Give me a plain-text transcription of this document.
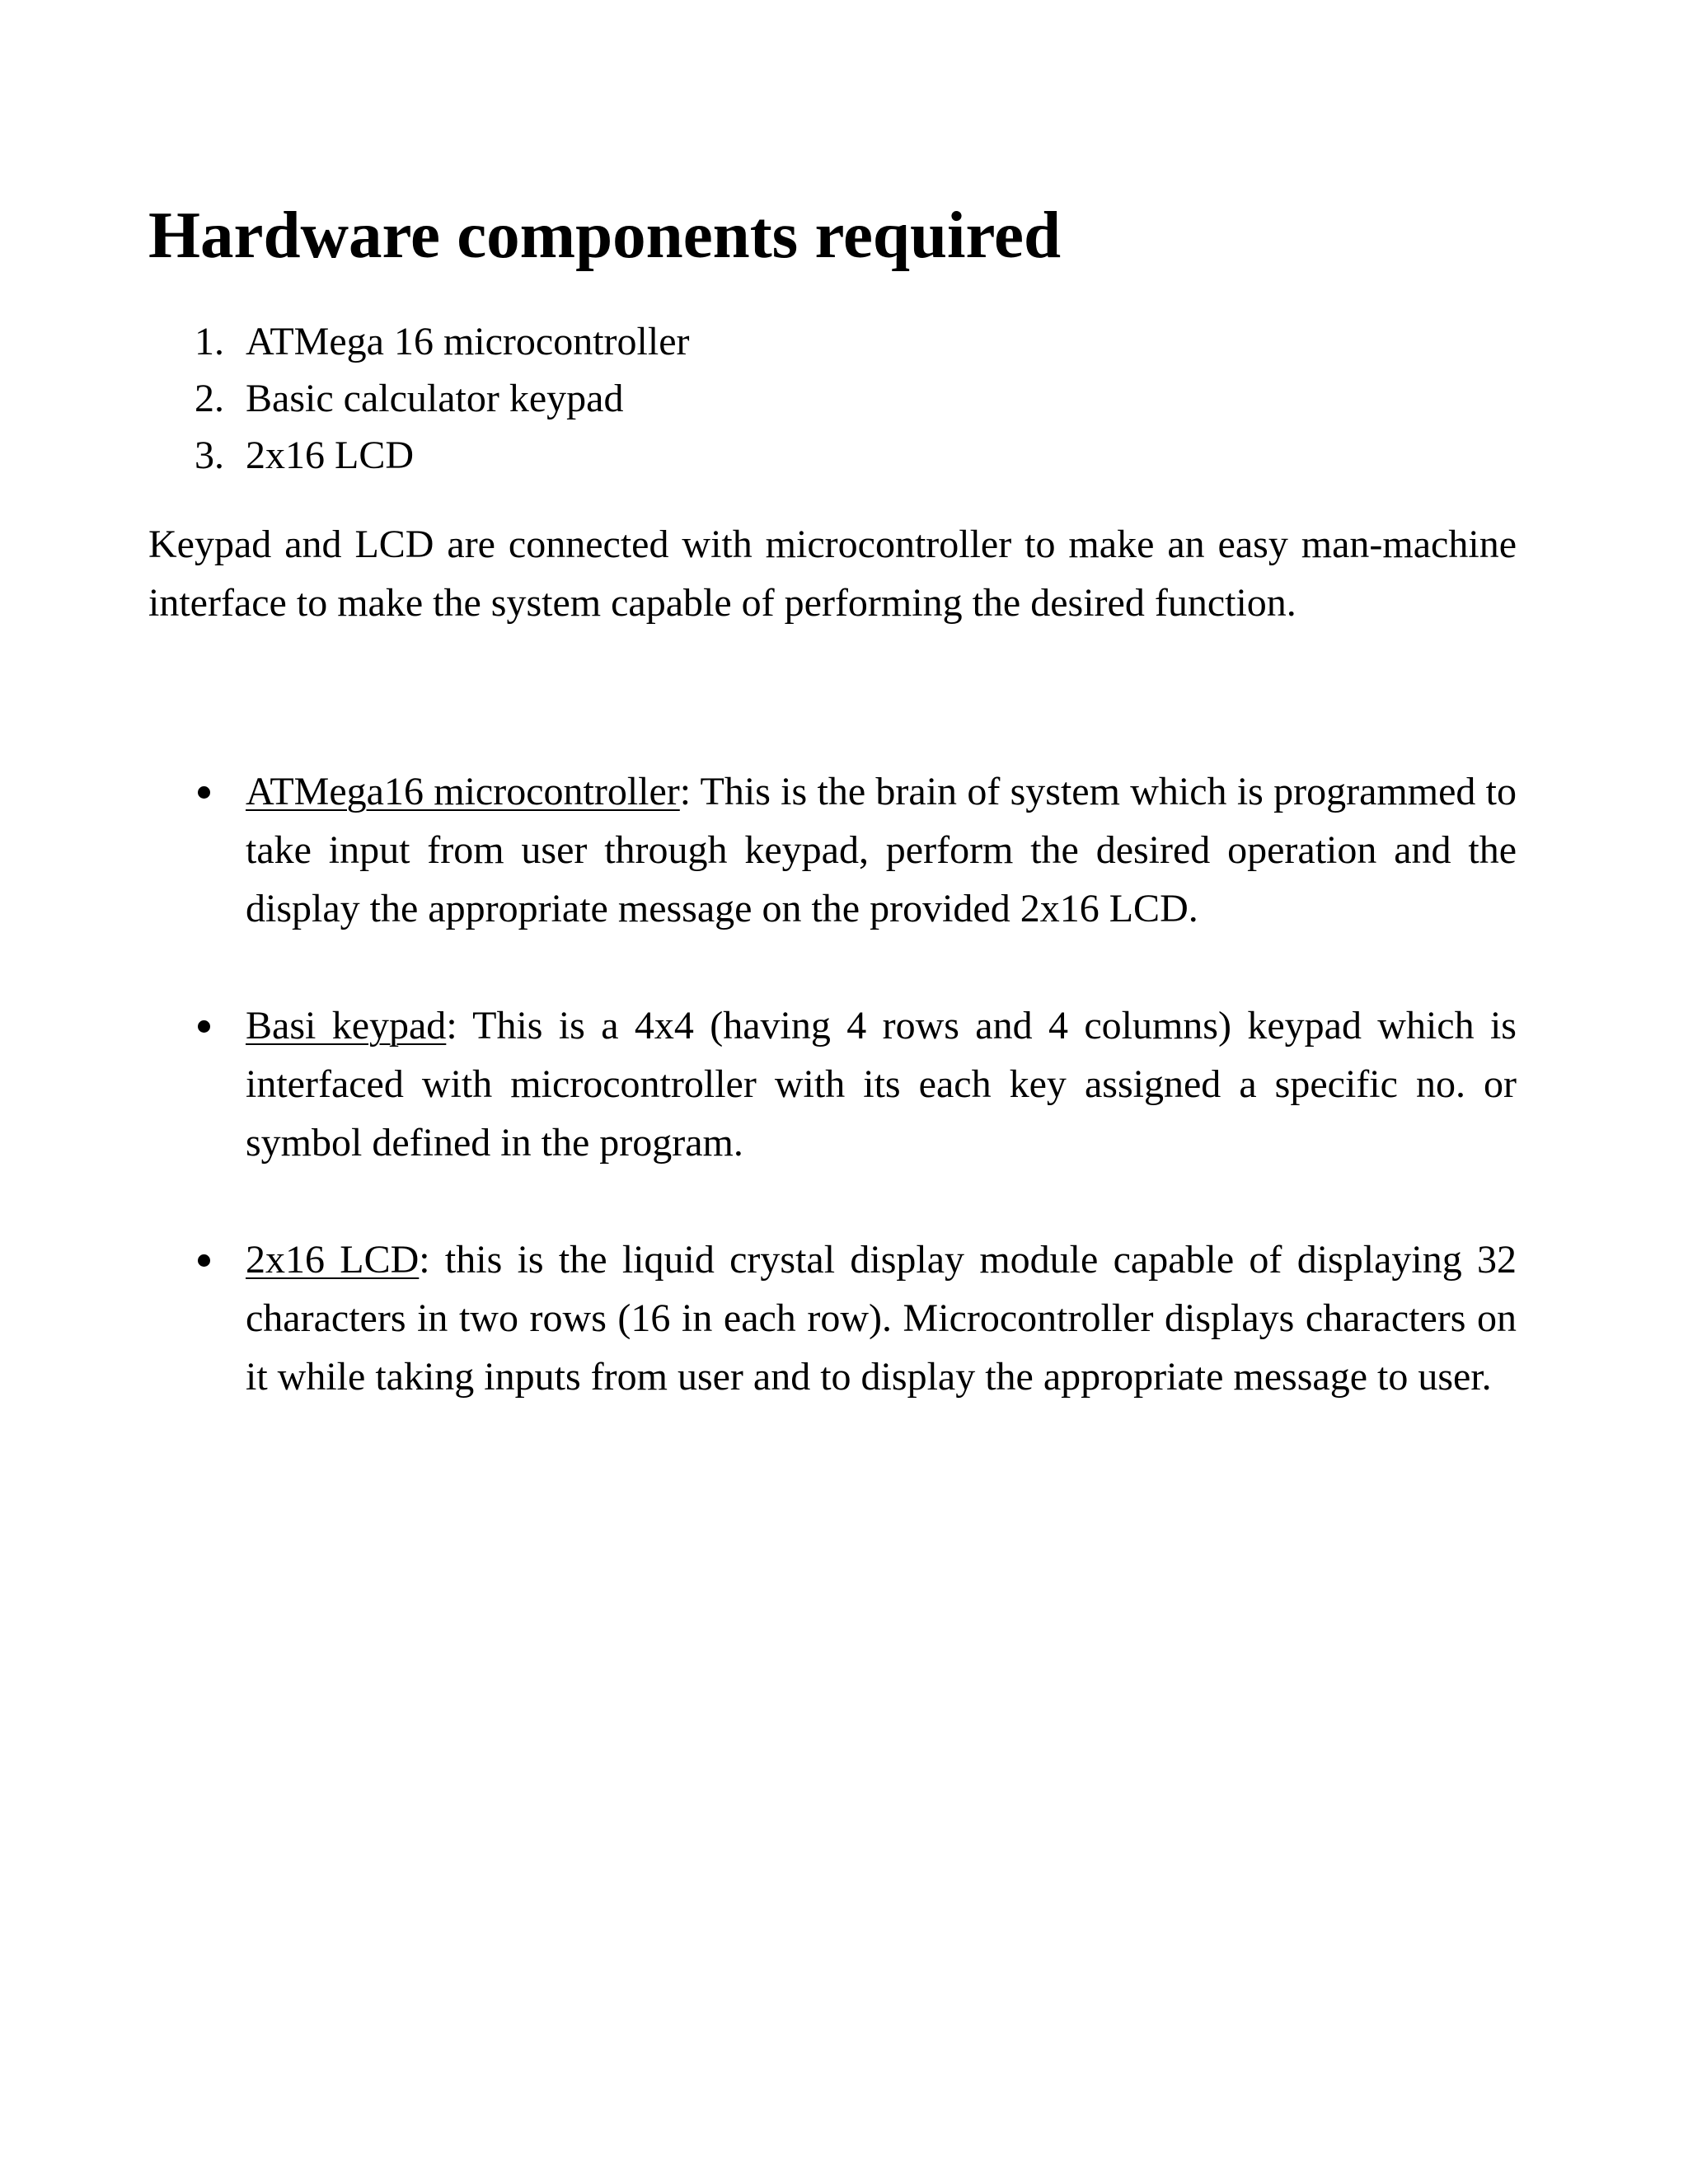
Hardware components required
1. ATMega 16 microcontroller
2. Basic calculator keypad
3. 2x16 LCD

Keypad and LCD are connected with microcontroller to make an easy man-machine interface to make the system capable of performing the desired function.

ATMega16 microcontroller: This is the brain of system which is programmed to take input from user through keypad, perform the desired operation and the display the appropriate message on the provided 2x16 LCD.
Basi keypad: This is a 4x4 (having 4 rows and 4 columns) keypad which is interfaced with microcontroller with its each key assigned a specific no. or symbol defined in the program.
2x16 LCD: this is the liquid crystal display module capable of displaying 32 characters in two rows (16 in each row). Microcontroller displays characters on it while taking inputs from user and to display the appropriate message to user.
